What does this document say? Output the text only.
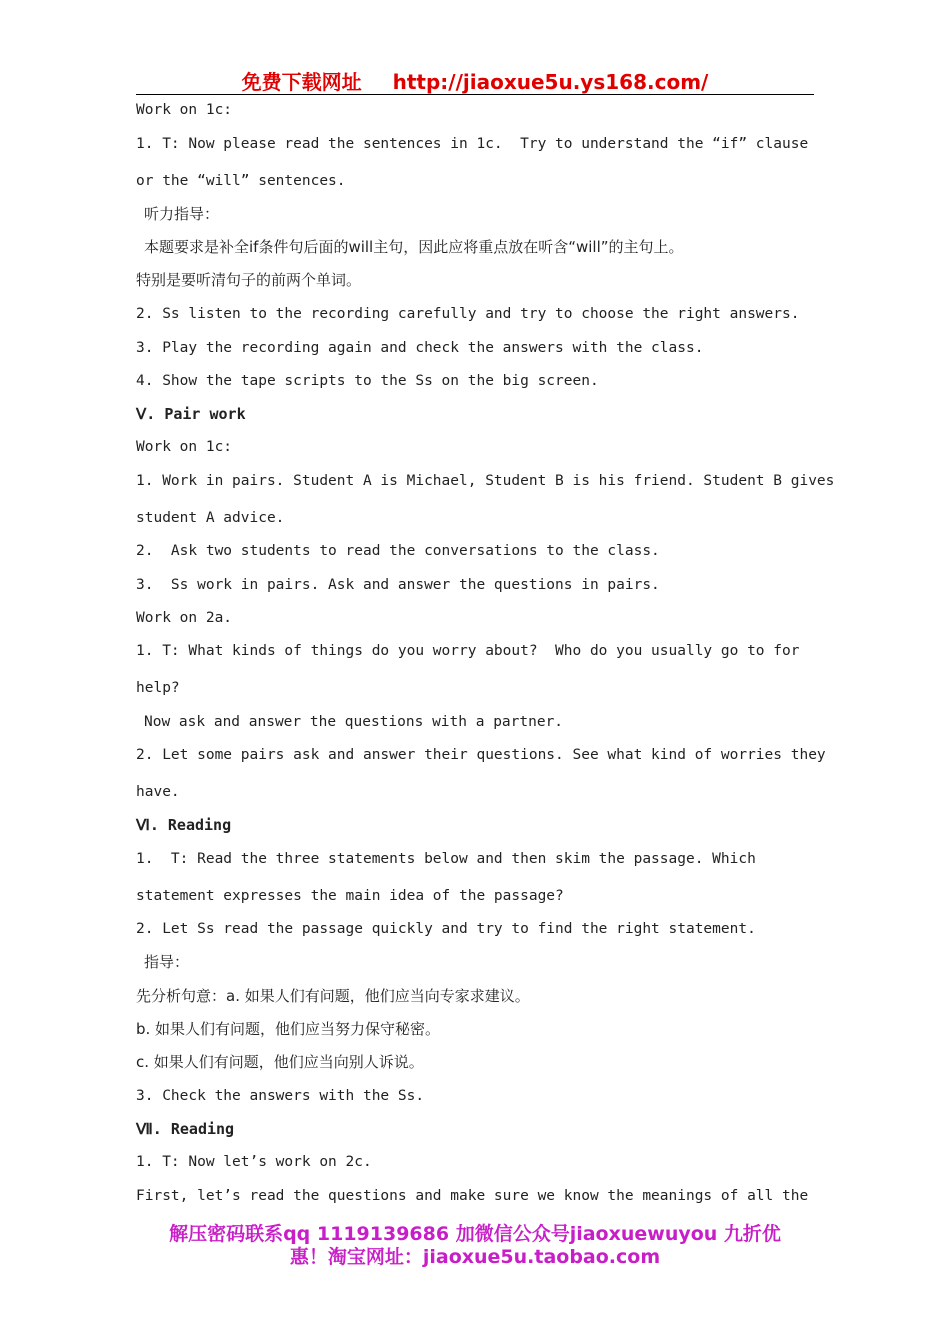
免费下载网址 http://jiaoxue5u.ys168.com/
Work on 1c:
1. T: Now please read the sentences in 1c.  Try to understand the “if” clause
or the “will” sentences.
听力指导：
本题要求是补全if条件句后面的will主句，因此应将重点放在听含“will”的主句上。
特别是要听清句子的前两个单词。
2. Ss listen to the recording carefully and try to choose the right answers.
3. Play the recording again and check the answers with the class.
4. Show the tape scripts to the Ss on the big screen.
Ⅴ. Pair work
Work on 1c:
1. Work in pairs. Student A is Michael, Student B is his friend. Student B gives
student A advice.
2.  Ask two students to read the conversations to the class.
3.  Ss work in pairs. Ask and answer the questions in pairs.
Work on 2a.
1. T: What kinds of things do you worry about?  Who do you usually go to for
help?
Now ask and answer the questions with a partner.
2. Let some pairs ask and answer their questions. See what kind of worries they
have.
Ⅵ. Reading
1.  T: Read the three statements below and then skim the passage. Which
statement expresses the main idea of the passage?
2. Let Ss read the passage quickly and try to find the right statement.
指导：
先分析句意：a. 如果人们有问题，他们应当向专家求建议。
b. 如果人们有问题，他们应当努力保守秘密。
c. 如果人们有问题，他们应当向别人诉说。
3. Check the answers with the Ss.
Ⅶ. Reading
1. T: Now let’s work on 2c.
First, let’s read the questions and make sure we know the meanings of all the
解压密码联系qq 1119139686 加微信公众号jiaoxuewuyou 九折优
惠！淘宝网址：jiaoxue5u.taobao.com
